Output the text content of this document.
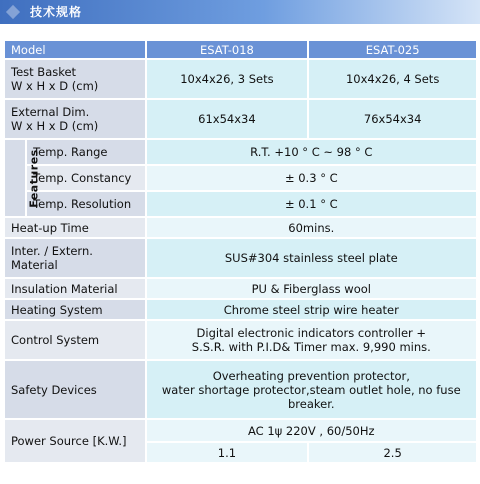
技术规格
Model		ESAT-018	ESAT-025

Test Basket
W x H x D (cm)		10x4x26, 3 Sets	10x4x26, 4 Sets

External Dim.
W x H x D (cm)		61x54x34	76x54x34
Features	Temp. Range	R.T. +10 ° C ~ 98 ° C	
	Temp. Constancy	± 0.3 ° C	
	Temp. Resolution	± 0.1 ° C	
Heat-up Time		60mins.	

Inter. / Extern.
Material		SUS#304 stainless steel plate	
Insulation Material		PU & Fiberglass wool	
Heating System		Chrome steel strip wire heater	
Control System		Digital electronic indicators controller +
S.S.R. with P.I.D& Timer max. 9,990 mins.	

Safety Devices		Overheating prevention protector,
water shortage protector,steam outlet hole, no fuse
breaker.	

Power Source [K.W.]		AC 1ψ 220V , 60/50Hz	
		1.1	2.5
